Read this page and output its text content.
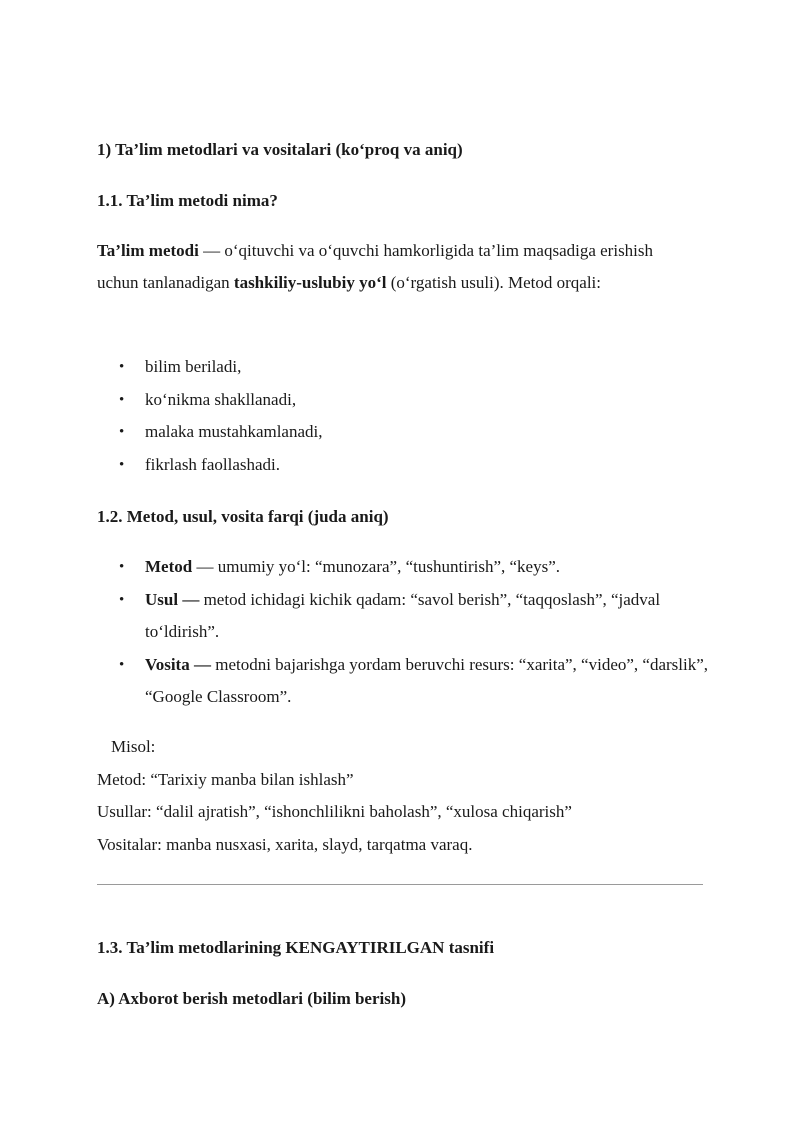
1) Ta’lim metodlari va vositalari (ko‘proq va aniq)
1.1. Ta’lim metodi nima?
Ta’lim metodi — o‘qituvchi va o‘quvchi hamkorligida ta’lim maqsadiga erishish uchun tanlanadigan tashkiliy-uslubiy yo‘l (o‘rgatish usuli). Metod orqali:
• bilim beriladi,
• ko‘nikma shakllanadi,
• malaka mustahkamlanadi,
• fikrlash faollashadi.
1.2. Metod, usul, vosita farqi (juda aniq)
• Metod — umumiy yo‘l: “munozara”, “tushuntirish”, “keys”.
• Usul — metod ichidagi kichik qadam: “savol berish”, “taqqoslash”, “jadval to‘ldirish”.
• Vosita — metodni bajarishga yordam beruvchi resurs: “xarita”, “video”, “darslik”, “Google Classroom”.
Misol:
Metod: “Tarixiy manba bilan ishlash”
Usullar: “dalil ajratish”, “ishonchlilikni baholash”, “xulosa chiqarish”
Vositalar: manba nusxasi, xarita, slayd, tarqatma varaq.
1.3. Ta’lim metodlarining KENGAYTIRILGAN tasnifi
A) Axborot berish metodlari (bilim berish)
